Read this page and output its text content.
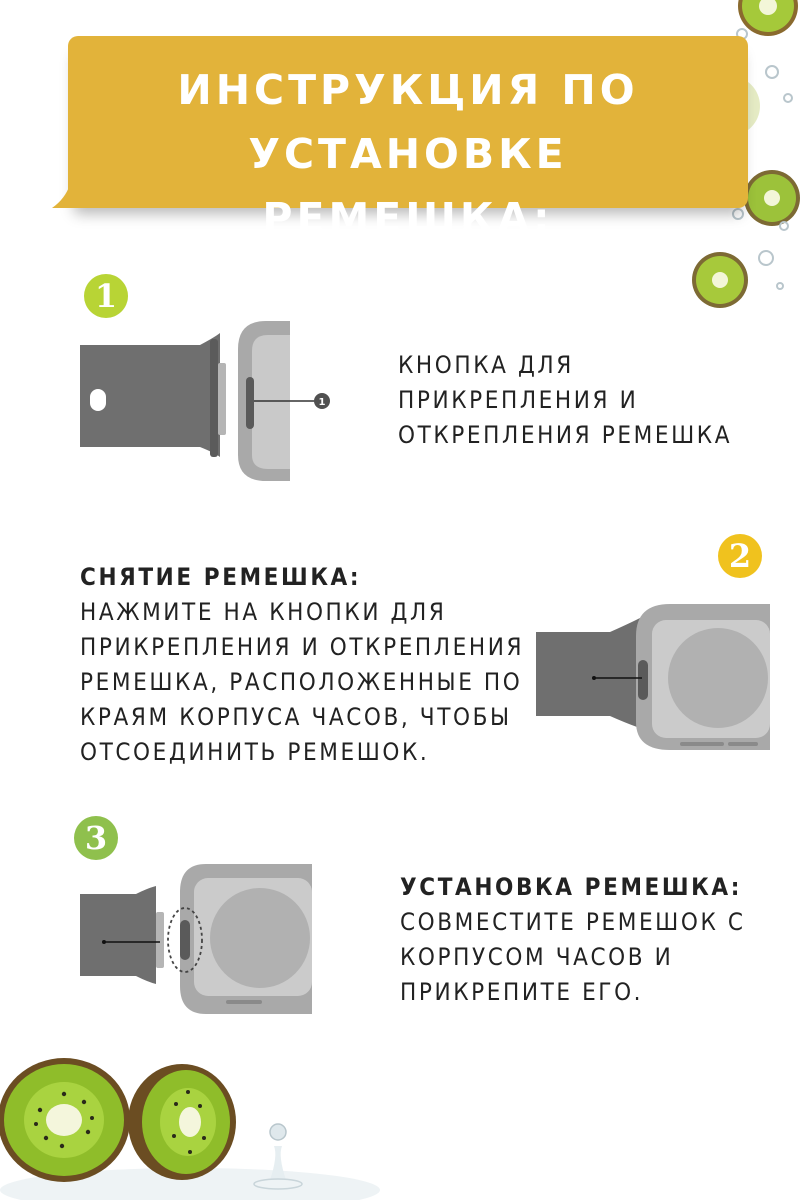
ИНСТРУКЦИЯ ПО УСТАНОВКЕ
РЕМЕШКА:
1
1

КНОПКА ДЛЯ
ПРИКРЕПЛЕНИЯ И
ОТКРЕПЛЕНИЯ РЕМЕШКА

2

СНЯТИЕ РЕМЕШКА:

НАЖМИТЕ НА КНОПКИ ДЛЯ
ПРИКРЕПЛЕНИЯ И ОТКРЕПЛЕНИЯ
РЕМЕШКА, РАСПОЛОЖЕННЫЕ ПО
КРАЯМ КОРПУСА ЧАСОВ, ЧТОБЫ
ОТСОЕДИНИТЬ РЕМЕШОК.

3

УСТАНОВКА РЕМЕШКА:

СОВМЕСТИТЕ РЕМЕШОК С
КОРПУСОМ ЧАСОВ И
ПРИКРЕПИТЕ ЕГО.
